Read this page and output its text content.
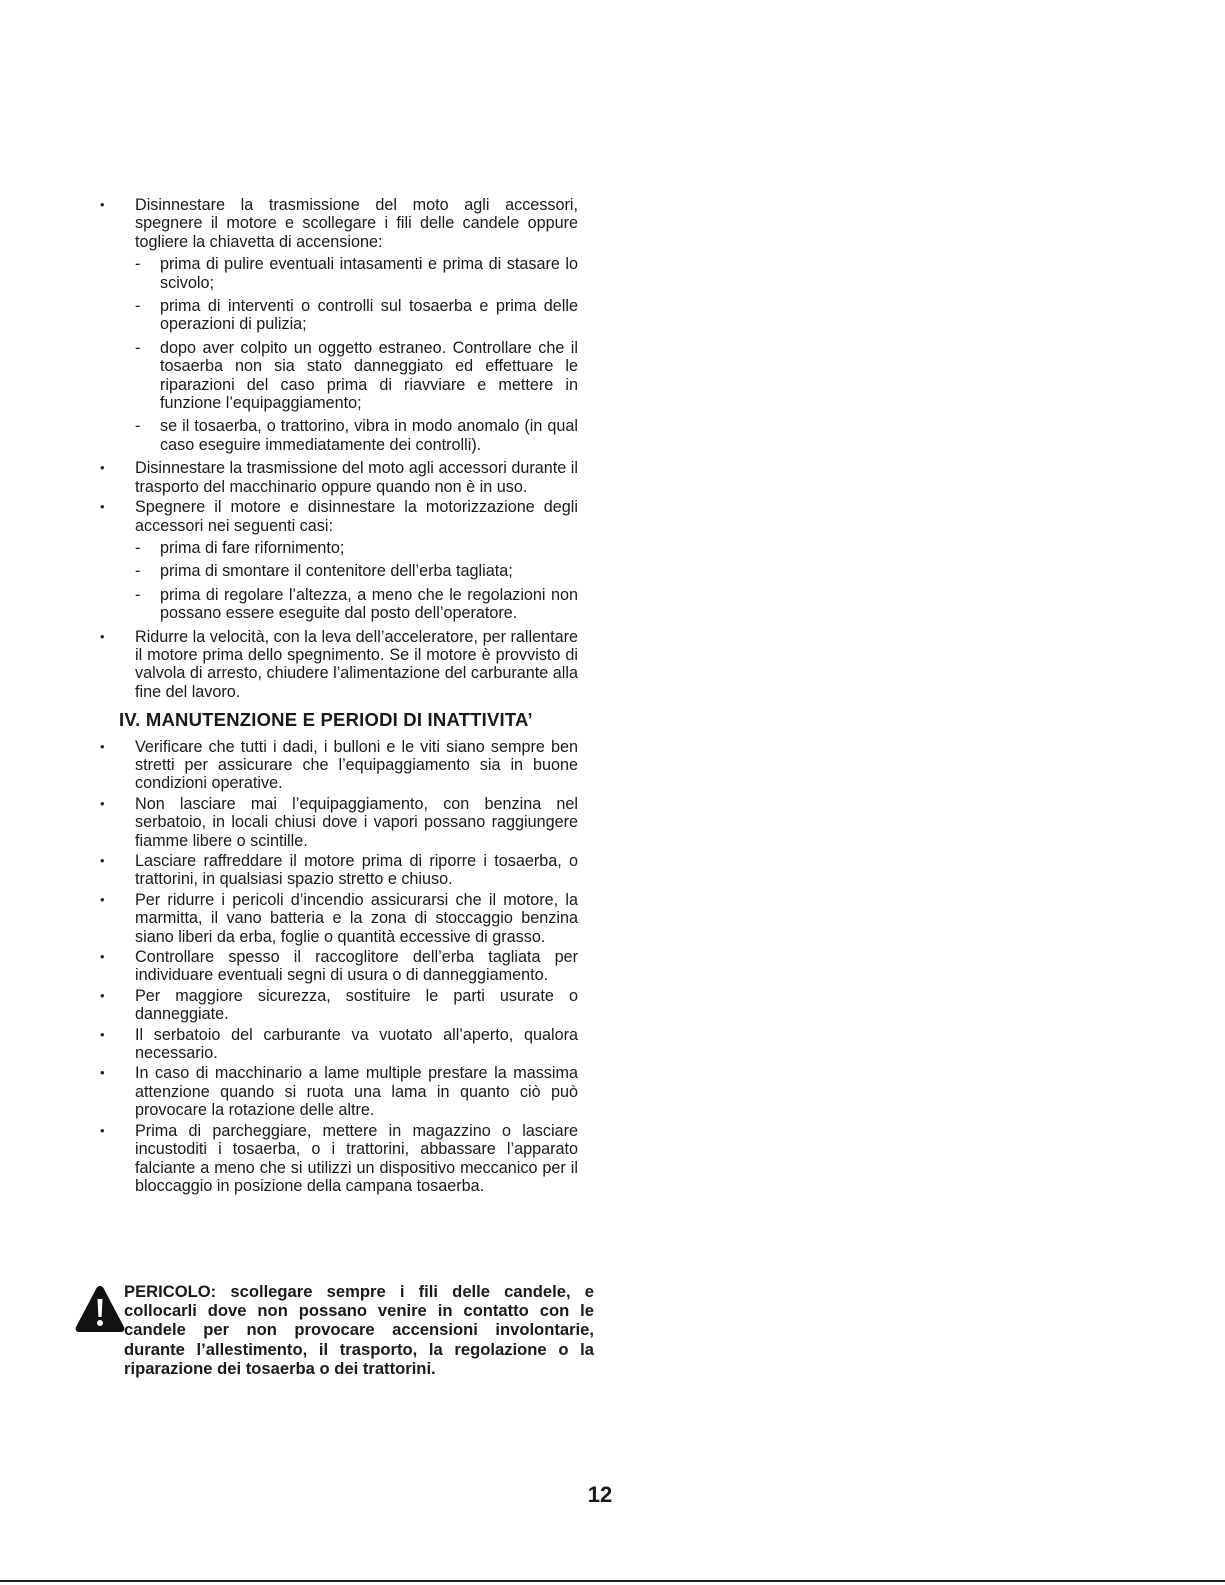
• Disinnestare la trasmissione del moto agli accessori, spegnere il motore e scollegare i fili delle candele oppure togliere la chiavetta di accensione:
- prima di pulire eventuali intasamenti e prima di stasare lo scivolo;
- prima di interventi o controlli sul tosaerba e prima delle operazioni di pulizia;
- dopo aver colpito un oggetto estraneo. Controllare che il tosaerba non sia stato danneggiato ed effettuare le riparazioni del caso prima di riavviare e mettere in funzione l’equipaggiamento;
- se il tosaerba, o trattorino, vibra in modo anomalo (in qual caso eseguire immediatamente dei controlli).
• Disinnestare la trasmissione del moto agli accessori durante il trasporto del macchinario oppure quando non è in uso.
• Spegnere il motore e disinnestare la motorizzazione degli accessori nei seguenti casi:
- prima di fare rifornimento;
- prima di smontare il contenitore dell’erba tagliata;
- prima di regolare l’altezza, a meno che le regolazioni non possano essere eseguite dal posto dell’operatore.
• Ridurre la velocità, con la leva dell’acceleratore, per rallentare il motore prima dello spegnimento. Se il motore è provvisto di valvola di arresto, chiudere l’alimentazione del carburante alla fine del lavoro.
IV. MANUTENZIONE E PERIODI DI INATTIVITA’
• Verificare che tutti i dadi, i bulloni e le viti siano sempre ben stretti per assicurare che l’equipaggiamento sia in buone condizioni operative.
• Non lasciare mai l’equipaggiamento, con benzina nel serbatoio, in locali chiusi dove i vapori possano raggiungere fiamme libere o scintille.
• Lasciare raffreddare il motore prima di riporre i tosaerba, o trattorini, in qualsiasi spazio stretto e chiuso.
• Per ridurre i pericoli d’incendio assicurarsi che il motore, la marmitta, il vano batteria e la zona di stoccaggio benzina siano liberi da erba, foglie o quantità eccessive di grasso.
• Controllare spesso il raccoglitore dell’erba tagliata per individuare eventuali segni di usura o di danneggiamento.
• Per maggiore sicurezza, sostituire le parti usurate o danneggiate.
• Il serbatoio del carburante va vuotato all’aperto, qualora necessario.
• In caso di macchinario a lame multiple prestare la massima attenzione quando si ruota una lama in quanto ciò può provocare la rotazione delle altre.
• Prima di parcheggiare, mettere in magazzino o lasciare incustoditi i tosaerba, o i trattorini, abbassare l’apparato falciante a meno che si utilizzi un dispositivo meccanico per il bloccaggio in posizione della campana tosaerba.
PERICOLO: scollegare sempre i fili delle candele, e collocarli dove non possano venire in contatto con le candele per non provocare accensioni involontarie, durante l’allestimento, il trasporto, la regolazione o la riparazione dei tosaerba o dei trattorini.
12
